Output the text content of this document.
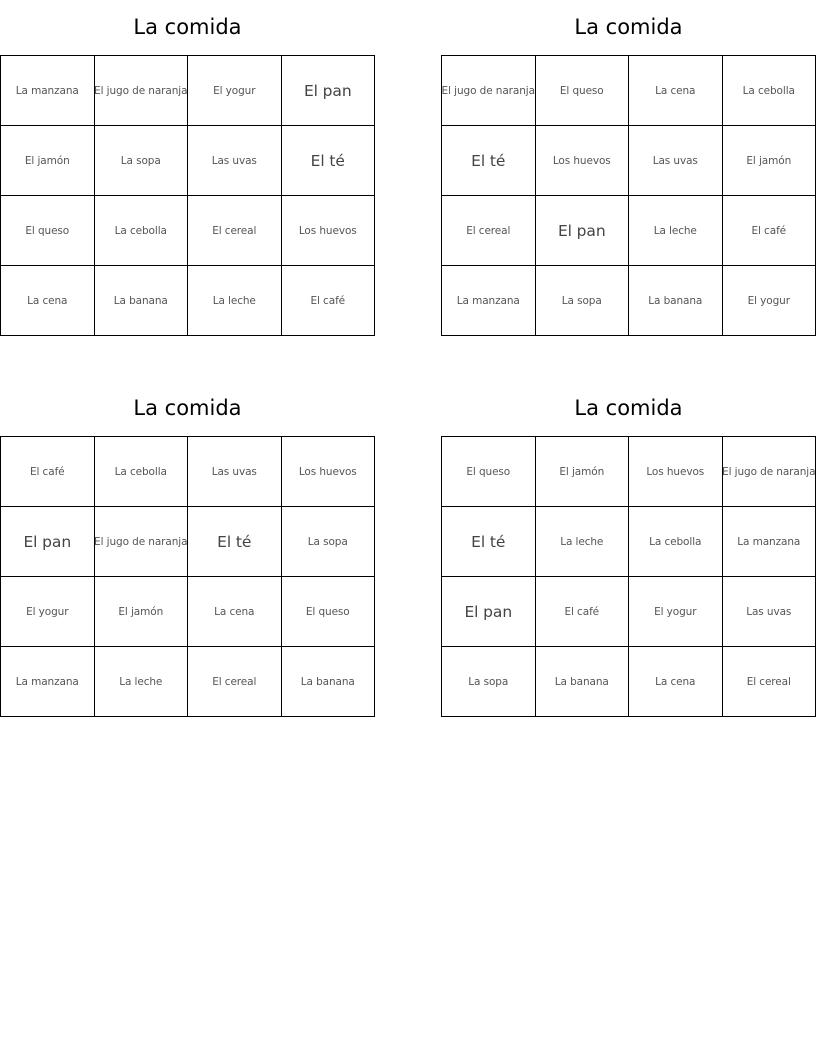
La comida
La manzana	El jugo de naranja	El yogur	El pan
El jamón	La sopa	Las uvas	El té
El queso	La cebolla	El cereal	Los huevos
La cena	La banana	La leche	El café
La comida
El jugo de naranja	El queso	La cena	La cebolla
El té	Los huevos	Las uvas	El jamón
El cereal	El pan	La leche	El café
La manzana	La sopa	La banana	El yogur
La comida
El café	La cebolla	Las uvas	Los huevos
El pan	El jugo de naranja	El té	La sopa
El yogur	El jamón	La cena	El queso
La manzana	La leche	El cereal	La banana
La comida
El queso	El jamón	Los huevos	El jugo de naranja
El té	La leche	La cebolla	La manzana
El pan	El café	El yogur	Las uvas
La sopa	La banana	La cena	El cereal
